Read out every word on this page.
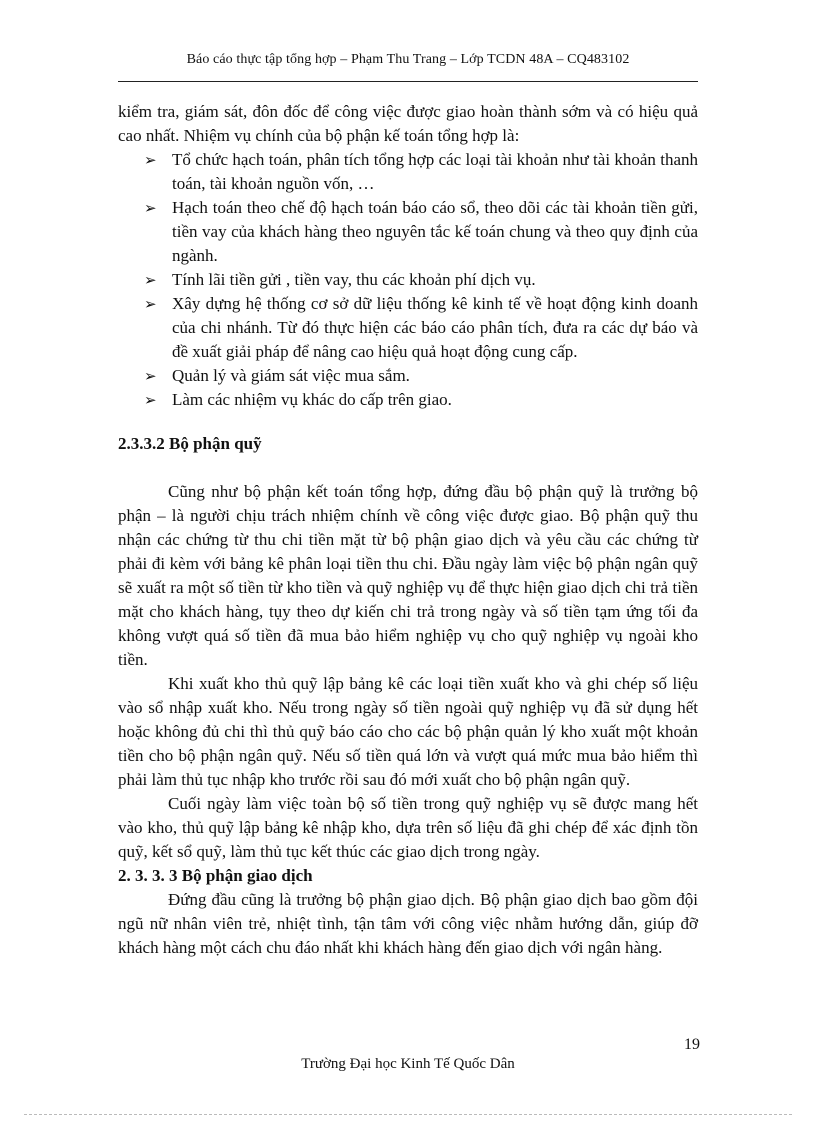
Báo cáo thực tập tổng hợp – Phạm Thu Trang – Lớp TCDN 48A – CQ483102

kiểm tra, giám sát, đôn đốc để công việc được giao hoàn thành sớm và có hiệu quả cao nhất. Nhiệm vụ chính của bộ phận kế toán tổng hợp là:

➢ Tổ chức hạch toán, phân tích tổng hợp các loại tài khoản như tài khoản thanh toán, tài khoản nguồn vốn, …
➢ Hạch toán theo chế độ hạch toán báo cáo sổ, theo dõi các tài khoản tiền gửi, tiền vay của khách hàng theo nguyên tắc kế toán chung và theo quy định của ngành.
➢ Tính lãi tiền gửi , tiền vay, thu các khoản phí dịch vụ.
➢ Xây dựng hệ thống cơ sở dữ liệu thống kê kinh tế về hoạt động kinh doanh của chi nhánh. Từ đó thực hiện các báo cáo phân tích, đưa ra các dự báo và đề xuất giải pháp để nâng cao hiệu quả hoạt động cung cấp.
➢ Quản lý và giám sát việc mua sắm.
➢ Làm các nhiệm vụ khác do cấp trên giao.
2.3.3.2 Bộ phận quỹ

Cũng như bộ phận kết toán tổng hợp, đứng đầu bộ phận quỹ là trưởng bộ phận – là người chịu trách nhiệm chính về công việc được giao. Bộ phận quỹ thu nhận các chứng từ thu chi tiền mặt từ bộ phận giao dịch và yêu cầu các chứng từ phải đi kèm với bảng kê phân loại tiền thu chi. Đầu ngày làm việc bộ phận ngân quỹ sẽ xuất ra một số tiền từ kho tiền và quỹ nghiệp vụ để thực hiện giao dịch chi trả tiền mặt cho khách hàng, tụy theo dự kiến chi trả trong ngày và số tiền tạm ứng tối đa không vượt quá số tiền đã mua bảo hiểm nghiệp vụ cho quỹ nghiệp vụ ngoài kho tiền.

Khi xuất kho thủ quỹ lập bảng kê các loại tiền xuất kho và ghi chép số liệu vào sổ nhập xuất kho. Nếu trong ngày số tiền ngoài quỹ nghiệp vụ đã sử dụng hết hoặc không đủ chi thì thủ quỹ báo cáo cho các bộ phận quản lý kho xuất một khoản tiền cho bộ phận ngân quỹ. Nếu số tiền quá lớn và vượt quá mức mua bảo hiểm thì phải làm thủ tục nhập kho trước rồi sau đó mới xuất cho bộ phận ngân quỹ.

Cuối ngày làm việc toàn bộ số tiền trong quỹ nghiệp vụ sẽ được mang hết vào kho, thủ quỹ lập bảng kê nhập kho, dựa trên số liệu đã ghi chép để xác định tồn quỹ, kết sổ quỹ, làm thủ tục kết thúc các giao dịch trong ngày.

2. 3. 3. 3 Bộ phận giao dịch

Đứng đầu cũng là trưởng bộ phận giao dịch. Bộ phận giao dịch bao gồm đội ngũ nữ nhân viên trẻ, nhiệt tình, tận tâm với công việc nhằm hướng dẫn, giúp đỡ khách hàng một cách chu đáo nhất khi khách hàng đến giao dịch với ngân hàng.

19
Trường Đại học Kinh Tế Quốc Dân
